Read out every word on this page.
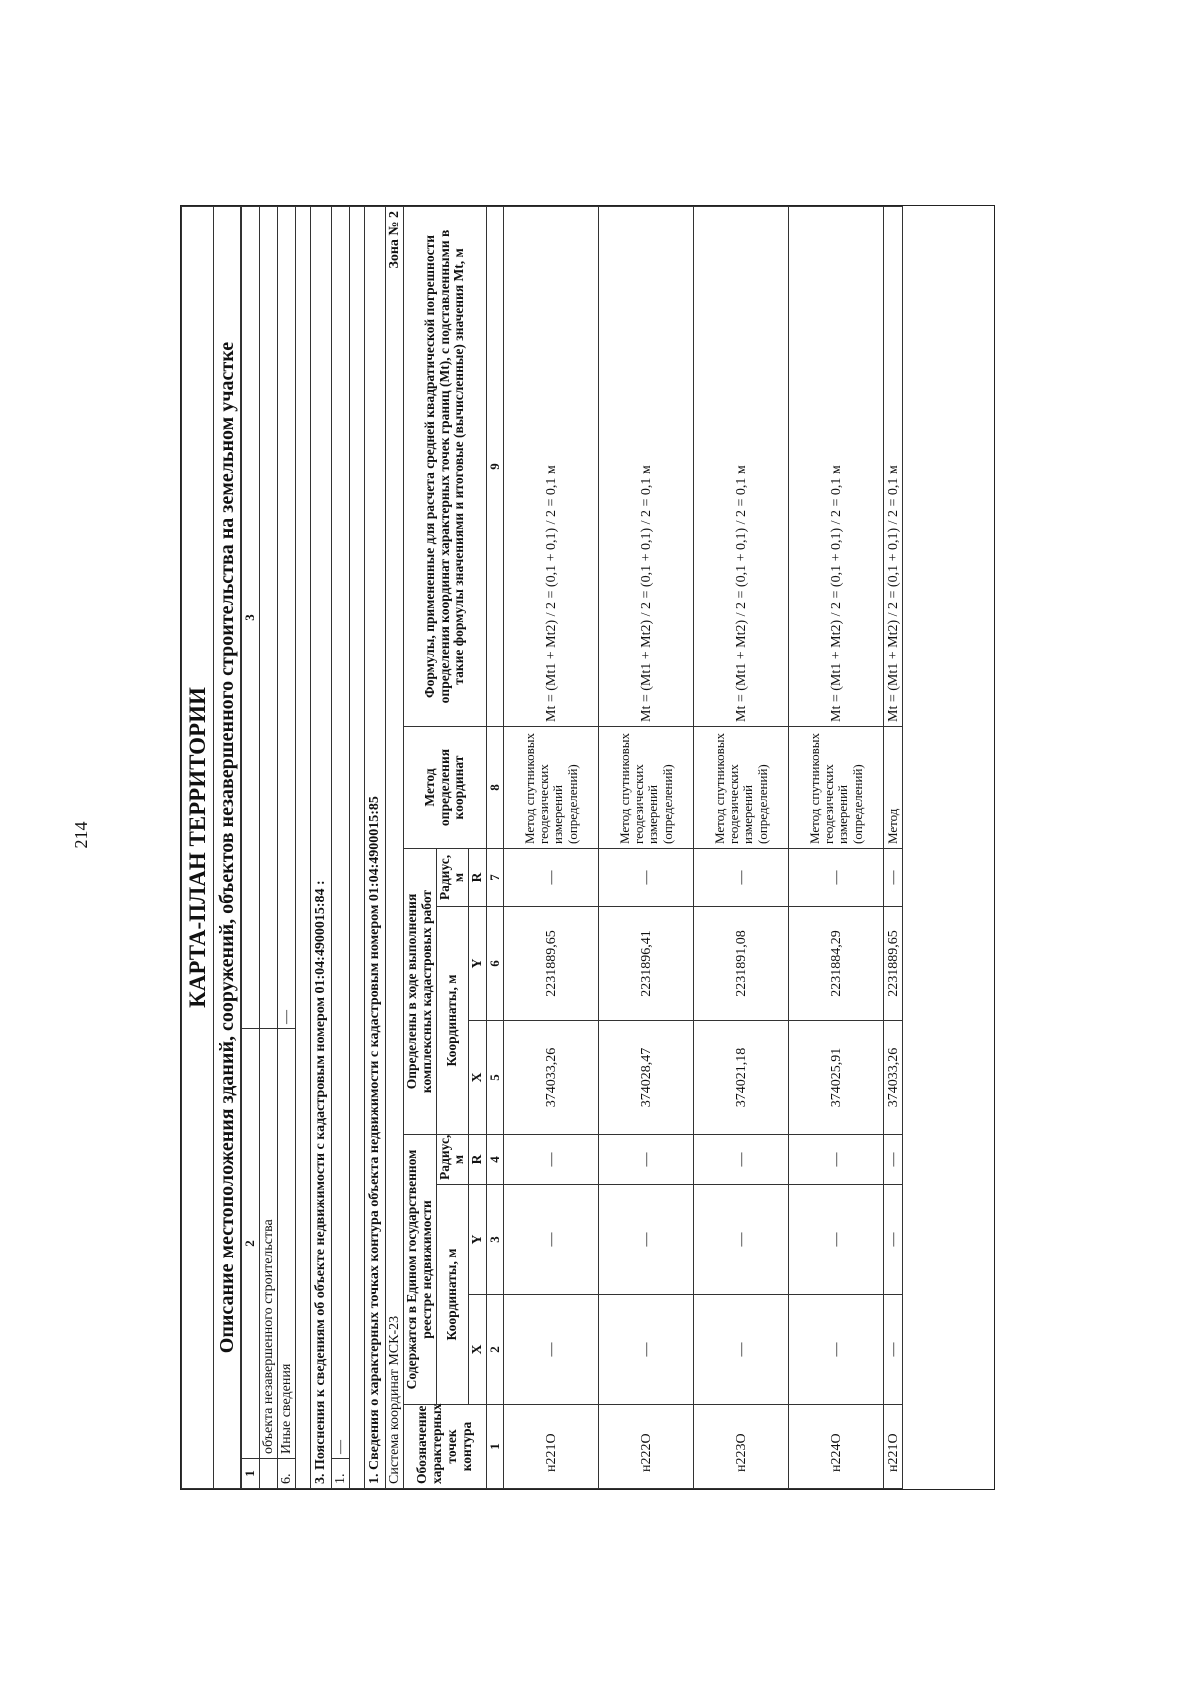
214	КАРТА-ПЛАН ТЕРРИТОРИИ Описание местоположения зданий, сооружений, объектов незавершенного строительства на земельном участке
1	2	3
	объекта незавершенного строительства	
6.	Иные сведения	— 3. Пояснения к сведениям об объекте недвижимости с кадастровым номером 01:04:4900015:84 :
1.	— 1. Сведения о характерных точках контура объекта недвижимости с кадастровым номером 01:04:4900015:85								
Система координат МСК-23
Зона № 2								

Обозначение характерных точек контура	Содержатся в Едином государственном реестре недвижимости			Определены в ходе выполнения комплексных кадастровых работ			Метод определения координат	Формулы, примененные для расчета средней квадратической погрешности определения координат характерных точек границ (Mt), с подставленными в такие формулы значениями и итоговые (вычисленные) значения Mt, м
	Координаты, м		Радиус, м	Координаты, м		Радиус, м		
	X	Y	R	X	Y	R		
1	2	3	4	5	6	7	8	9
н221О	—	—	—	374033,26	2231889,65	—	Метод спутниковых геодезических измерений (определений)	Mt = (Mt1 + Mt2) / 2 = (0,1 + 0,1) / 2 = 0,1 м
н222О	—	—	—	374028,47	2231896,41	—	Метод спутниковых геодезических измерений (определений)	Mt = (Mt1 + Mt2) / 2 = (0,1 + 0,1) / 2 = 0,1 м
н223О	—	—	—	374021,18	2231891,08	—	Метод спутниковых геодезических измерений (определений)	Mt = (Mt1 + Mt2) / 2 = (0,1 + 0,1) / 2 = 0,1 м
н224О	—	—	—	374025,91	2231884,29	—	Метод спутниковых геодезических измерений (определений)	Mt = (Mt1 + Mt2) / 2 = (0,1 + 0,1) / 2 = 0,1 м
н221О	—	—	—	374033,26	2231889,65	—	Метод	Mt = (Mt1 + Mt2) / 2 = (0,1 + 0,1) / 2 = 0,1 м
